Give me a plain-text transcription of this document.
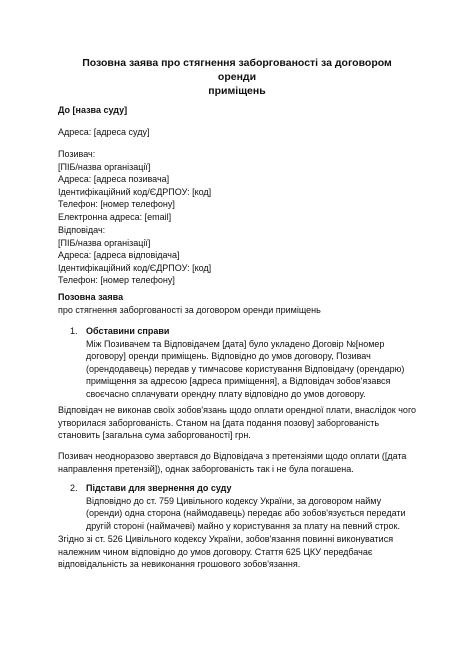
Позовна заява про стягнення заборгованості за договором оренди
приміщень
До [назва суду]
Адреса: [адреса суду]

Позивач:

[ПІБ/назва організації]

Адреса: [адреса позивача]

Ідентифікаційний код/ЄДРПОУ: [код]

Телефон: [номер телефону]

Електронна адреса: [email]

Відповідач:

[ПІБ/назва організації]

Адреса: [адреса відповідача]

Ідентифікаційний код/ЄДРПОУ: [код]

Телефон: [номер телефону]

Позовна заява

про стягнення заборгованості за договором оренди приміщень

1. Обставини справи

Між Позивачем та Відповідачем [дата] було укладено Договір №[номер договору] оренди приміщень. Відповідно до умов договору, Позивач (орендодавець) передав у тимчасове користування Відповідачу (орендарю) приміщення за адресою [адреса приміщення], а Відповідач зобов'язався своєчасно сплачувати орендну плату відповідно до умов договору.

Відповідач не виконав своїх зобов'язань щодо оплати орендної плати, внаслідок чого утворилася заборгованість. Станом на [дата подання позову] заборгованість становить [загальна сума заборгованості] грн.

Позивач неодноразово звертався до Відповідача з претензіями щодо оплати ([дата направлення претензій]), однак заборгованість так і не була погашена.

2. Підстави для звернення до суду

Відповідно до ст. 759 Цивільного кодексу України, за договором найму (оренди) одна сторона (наймодавець) передає або зобов'язується передати другій стороні (наймачеві) майно у користування за плату на певний строк.

Згідно зі ст. 526 Цивільного кодексу України, зобов'язання повинні виконуватися належним чином відповідно до умов договору. Стаття 625 ЦКУ передбачає відповідальність за невиконання грошового зобов'язання.
